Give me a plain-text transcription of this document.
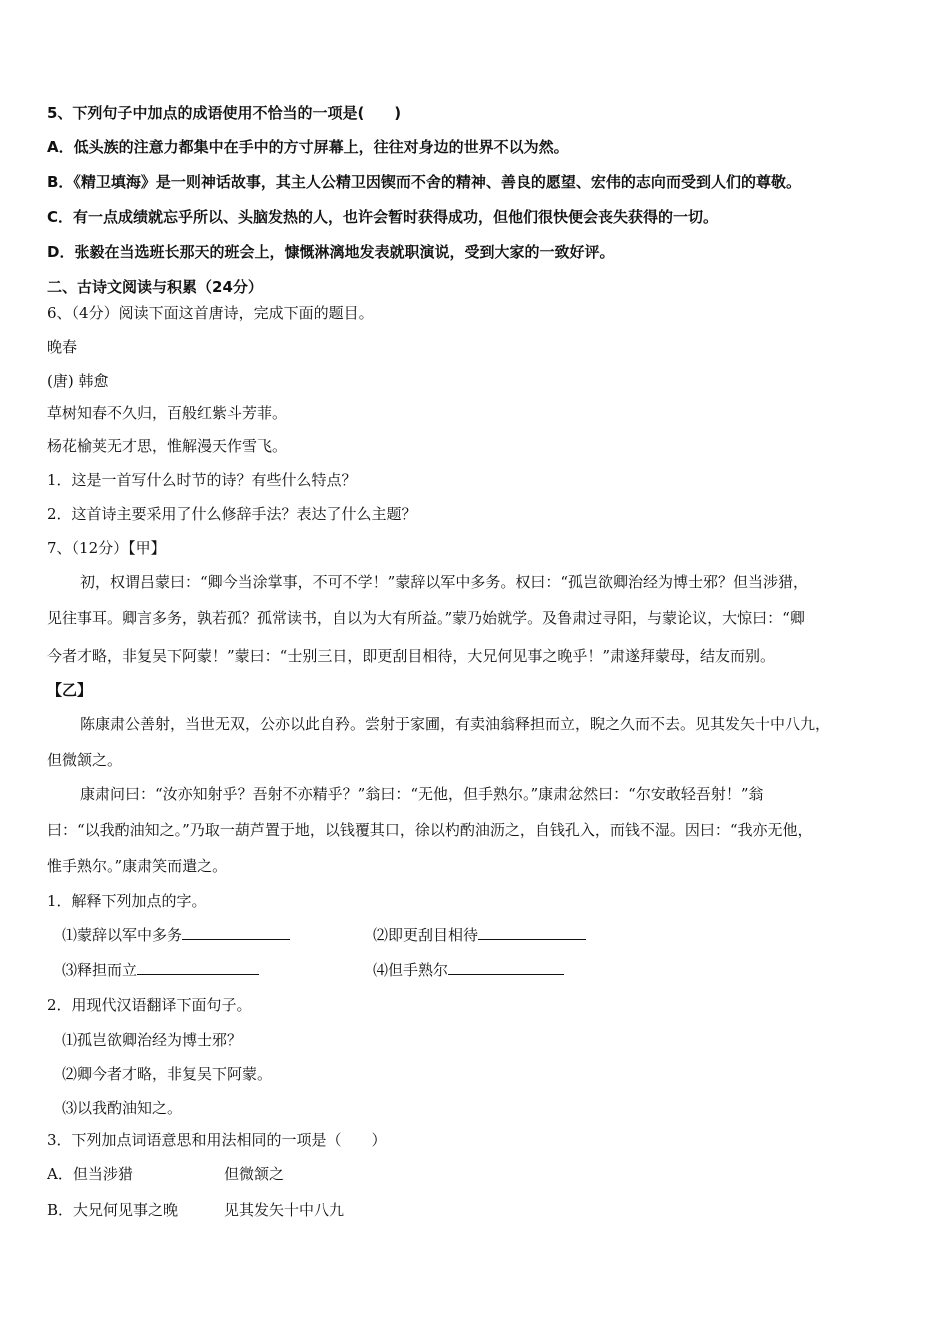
5、下列句子中加点的成语使用不恰当的一项是(　　)
A．低头族的注意力都集中在手中的方寸屏幕上，往往对身边的世界不以为然。
B．《精卫填海》是一则神话故事，其主人公精卫因锲而不舍的精神、善良的愿望、宏伟的志向而受到人们的尊敬。
C．有一点成绩就忘乎所以、头脑发热的人，也许会暂时获得成功，但他们很快便会丧失获得的一切。
D．张毅在当选班长那天的班会上，慷慨淋漓地发表就职演说，受到大家的一致好评。
二、古诗文阅读与积累（24分）
6、（4分）阅读下面这首唐诗，完成下面的题目。
晚春
(唐) 韩愈
草树知春不久归，百般红紫斗芳菲。
杨花榆荚无才思，惟解漫天作雪飞。
1．这是一首写什么时节的诗？有些什么特点？
2．这首诗主要采用了什么修辞手法？表达了什么主题？
7、（12分）【甲】
初，权谓吕蒙曰：“卿今当涂掌事，不可不学！”蒙辞以军中多务。权曰：“孤岂欲卿治经为博士邪？但当涉猎，
见往事耳。卿言多务，孰若孤？孤常读书，自以为大有所益。”蒙乃始就学。及鲁肃过寻阳，与蒙论议，大惊曰：“卿
今者才略，非复吴下阿蒙！”蒙曰：“士别三日，即更刮目相待，大兄何见事之晚乎！”肃遂拜蒙母，结友而别。
【乙】
陈康肃公善射，当世无双，公亦以此自矜。尝射于家圃，有卖油翁释担而立，睨之久而不去。见其发矢十中八九，
但微颔之。
康肃问曰：“汝亦知射乎？吾射不亦精乎？”翁曰：“无他，但手熟尔。”康肃忿然曰：“尔安敢轻吾射！”翁
曰：“以我酌油知之。”乃取一葫芦置于地，以钱覆其口，徐以杓酌油沥之，自钱孔入，而钱不湿。因曰：“我亦无他，
惟手熟尔。”康肃笑而遣之。
1．解释下列加点的字。
⑴蒙辞以军中多务	⑵即更刮目相待
⑶释担而立	⑷但手熟尔
2．用现代汉语翻译下面句子。
⑴孤岂欲卿治经为博士邪？
⑵卿今者才略，非复吴下阿蒙。
⑶以我酌油知之。
3．下列加点词语意思和用法相同的一项是（　　）
A．但当涉猎	但微颔之
B．大兄何见事之晚	见其发矢十中八九
